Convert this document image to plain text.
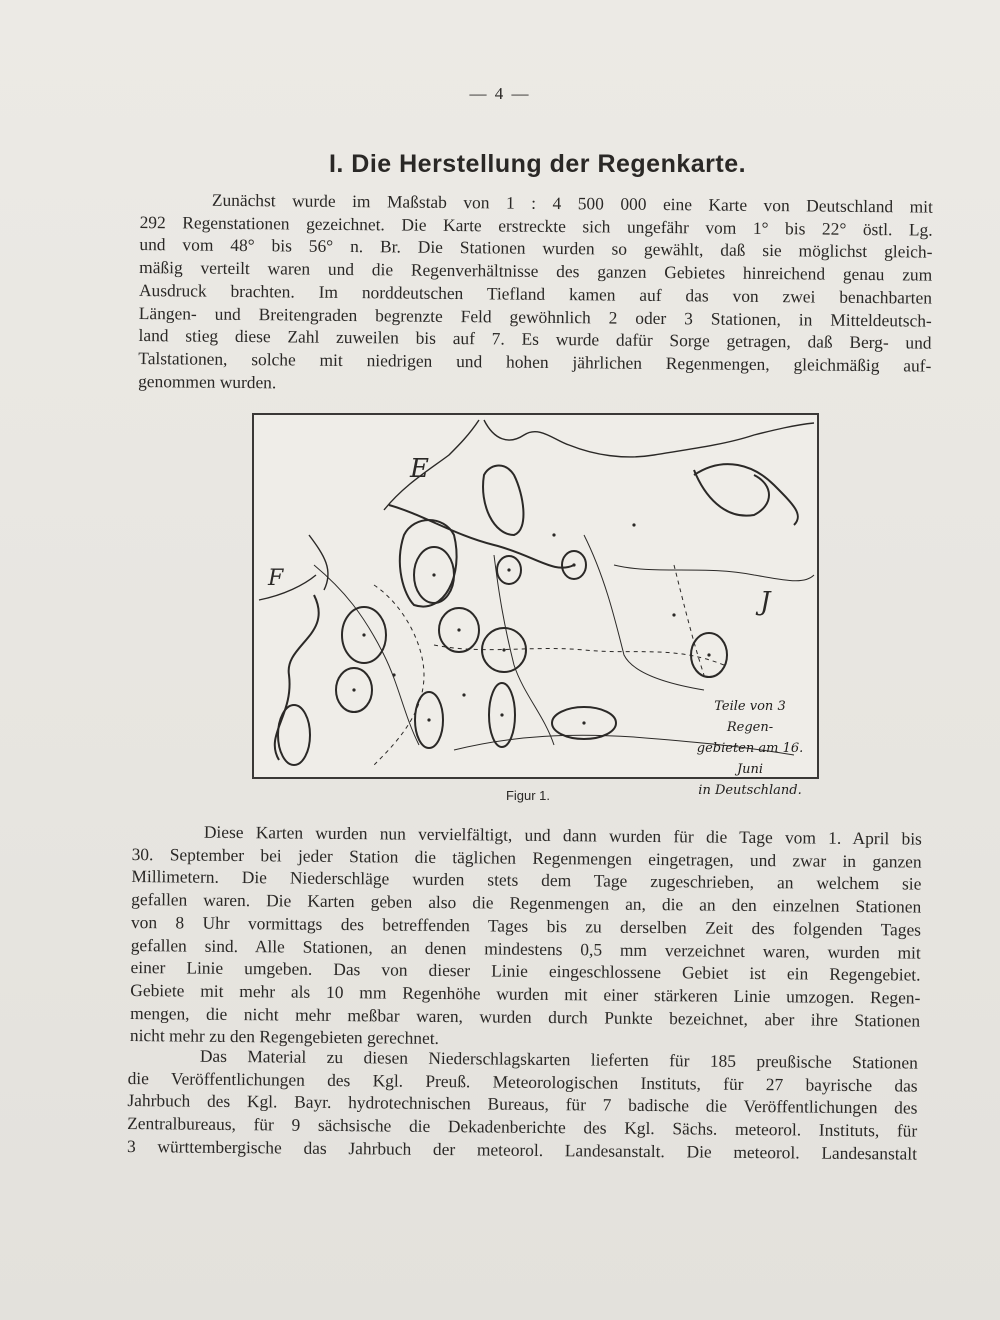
— 4 —
I. Die Herstellung der Regenkarte.
Zunächst wurde im Maßstab von 1 : 4 500 000 eine Karte von Deutschland mit
292 Regenstationen gezeichnet. Die Karte erstreckte sich ungefähr vom 1° bis 22° östl. Lg.
und vom 48° bis 56° n. Br. Die Stationen wurden so gewählt, daß sie möglichst gleich-
mäßig verteilt waren und die Regenverhältnisse des ganzen Gebietes hinreichend genau zum
Ausdruck brachten. Im norddeutschen Tiefland kamen auf das von zwei benachbarten
Längen- und Breitengraden begrenzte Feld gewöhnlich 2 oder 3 Stationen, in Mitteldeutsch-
land stieg diese Zahl zuweilen bis auf 7. Es wurde dafür Sorge getragen, daß Berg- und
Talstationen, solche mit niedrigen und hohen jährlichen Regenmengen, gleichmäßig auf-
genommen wurden.
E
F
J
Teile von 3 Regen-
gebieten am 16. Juni
in Deutschland.
Figur 1.
Diese Karten wurden nun vervielfältigt, und dann wurden für die Tage vom 1. April bis
30. September bei jeder Station die täglichen Regenmengen eingetragen, und zwar in ganzen
Millimetern. Die Niederschläge wurden stets dem Tage zugeschrieben, an welchem sie
gefallen waren. Die Karten geben also die Regenmengen an, die an den einzelnen Stationen
von 8 Uhr vormittags des betreffenden Tages bis zu derselben Zeit des folgenden Tages
gefallen sind. Alle Stationen, an denen mindestens 0,5 mm verzeichnet waren, wurden mit
einer Linie umgeben. Das von dieser Linie eingeschlossene Gebiet ist ein Regengebiet.
Gebiete mit mehr als 10 mm Regenhöhe wurden mit einer stärkeren Linie umzogen. Regen-
mengen, die nicht mehr meßbar waren, wurden durch Punkte bezeichnet, aber ihre Stationen
nicht mehr zu den Regengebieten gerechnet.
Das Material zu diesen Niederschlagskarten lieferten für 185 preußische Stationen
die Veröffentlichungen des Kgl. Preuß. Meteorologischen Instituts, für 27 bayrische das
Jahrbuch des Kgl. Bayr. hydrotechnischen Bureaus, für 7 badische die Veröffentlichungen des
Zentralbureaus, für 9 sächsische die Dekadenberichte des Kgl. Sächs. meteorol. Instituts, für
3 württembergische das Jahrbuch der meteorol. Landesanstalt. Die meteorol. Landesanstalt
